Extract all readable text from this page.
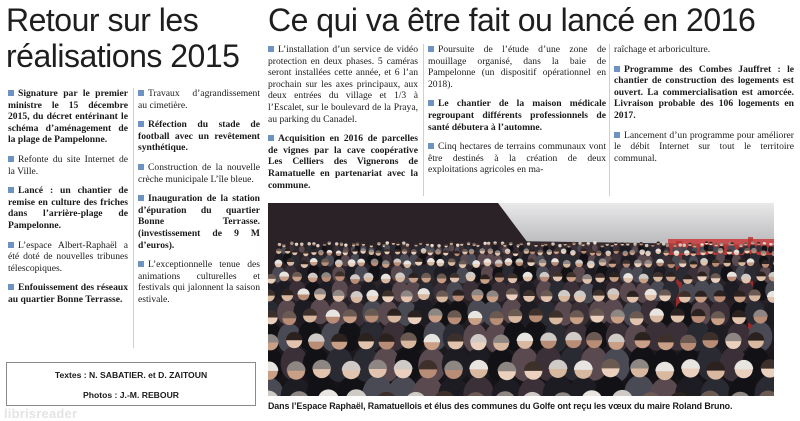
Retour sur les réalisations 2015
Ce qui va être fait ou lancé en 2016

Signature par le premier ministre le 15 décembre 2015, du décret entérinant le schéma d’aménagement de la plage de Pampelonne.

Refonte du site Internet de la Ville.

Lancé : un chantier de remise en culture des friches dans l’arrière-plage de Pampelonne.

L’espace Albert-Raphaël a été doté de nouvelles tribunes télescopiques.

Enfouissement des réseaux au quartier Bonne Terrasse.

Travaux d’agrandissement au cimetière.

Réfection du stade de football avec un revêtement synthétique.

Construction de la nouvelle crèche municipale L’île bleue.

Inauguration de la station d’épuration du quartier Bonne Terrasse. (investissement de 9 M d’euros).

L’exceptionnelle tenue des animations culturelles et festivals qui jalonnent la saison estivale.

L’installation d’un service de vidéo protection en deux phases. 5 caméras seront installées cette année, et 6 l’an prochain sur les axes principaux, aux deux entrées du village et 1/3 à l’Escalet, sur le boulevard de la Praya, au parking du Canadel.

Acquisition en 2016 de parcelles de vignes par la cave coopérative Les Celliers des Vignerons de Ramatuelle en partenariat avec la commune.

Poursuite de l’étude d’une zone de mouillage organisé, dans la baie de Pampelonne (un dispositif opérationnel en 2018).

Le chantier de la maison médicale regroupant différents professionnels de santé débutera à l’automne.

Cinq hectares de terrains communaux vont être destinés à la création de deux exploitations agricoles en ma-

raîchage et arboriculture.

Programme des Combes Jauffret : le chantier de construction des logements est ouvert. La commercialisation est amorcée. Livraison probable des 106 logements en 2017.

Lancement d’un programme pour améliorer le débit Internet sur tout le territoire communal.

Textes : N. SABATIER. et D. ZAITOUN
Photos : J.-M. REBOUR
Dans l’Espace Raphaël, Ramatuellois et élus des communes du Golfe ont reçu les vœux du maire Roland Bruno.
librisreader
